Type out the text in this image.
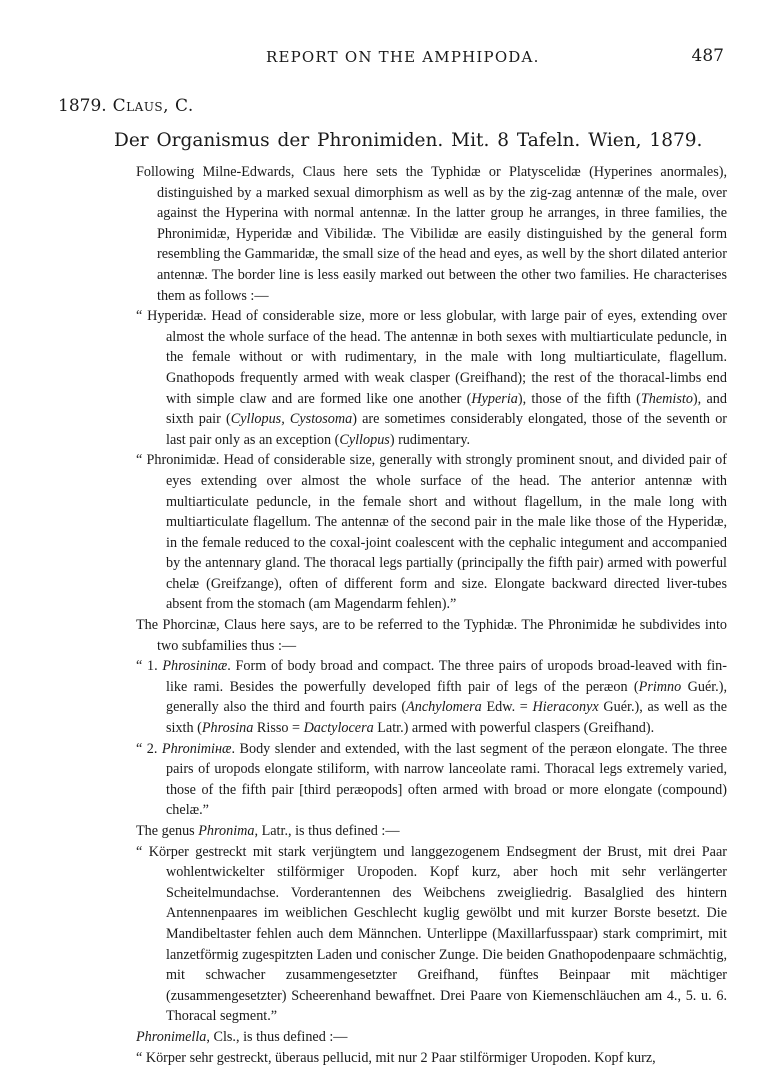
REPORT ON THE AMPHIPODA.	487
1879. Claus, C.
Der Organismus der Phronimiden. Mit. 8 Tafeln. Wien, 1879.

Following Milne-Edwards, Claus here sets the Typhidæ or Platyscelidæ (Hyperines anormales), distinguished by a marked sexual dimorphism as well as by the zig-zag antennæ of the male, over against the Hyperina with normal antennæ. In the latter group he arranges, in three families, the Phronimidæ, Hyperidæ and Vibilidæ. The Vibilidæ are easily distinguished by the general form resembling the Gammaridæ, the small size of the head and eyes, as well by the short dilated anterior antennæ. The border line is less easily marked out between the other two families. He characterises them as follows :—

“ Hyperidæ. Head of considerable size, more or less globular, with large pair of eyes, extending over almost the whole surface of the head. The antennæ in both sexes with multiarticulate peduncle, in the female without or with rudimentary, in the male with long multiarticulate, flagellum. Gnathopods frequently armed with weak clasper (Greifhand); the rest of the thoracal-limbs end with simple claw and are formed like one another (Hyperia), those of the fifth (Themisto), and sixth pair (Cyllopus, Cystosoma) are sometimes considerably elongated, those of the seventh or last pair only as an exception (Cyllopus) rudimentary.

“ Phronimidæ. Head of considerable size, generally with strongly prominent snout, and divided pair of eyes extending over almost the whole surface of the head. The anterior antennæ with multiarticulate peduncle, in the female short and without flagellum, in the male long with multiarticulate flagellum. The antennæ of the second pair in the male like those of the Hyperidæ, in the female reduced to the coxal-joint coalescent with the cephalic integument and accompanied by the antennary gland. The thoracal legs partially (principally the fifth pair) armed with powerful chelæ (Greifzange), often of different form and size. Elongate backward directed liver-tubes absent from the stomach (am Magendarm fehlen).”

The Phorcinæ, Claus here says, are to be referred to the Typhidæ. The Phronimidæ he subdivides into two subfamilies thus :—

“ 1. Phrosininæ. Form of body broad and compact. The three pairs of uropods broad-leaved with fin-like rami. Besides the powerfully developed fifth pair of legs of the peræon (Primno Guér.), generally also the third and fourth pairs (Anchylomera Edw. = Hieraconyx Guér.), as well as the sixth (Phrosina Risso = Dactylocera Latr.) armed with powerful claspers (Greifhand).

“ 2. Phronimінæ. Body slender and extended, with the last segment of the peræon elongate. The three pairs of uropods elongate stiliform, with narrow lanceolate rami. Thoracal legs extremely varied, those of the fifth pair [third peræopods] often armed with broad or more elongate (compound) chelæ.”

The genus Phronima, Latr., is thus defined :—

“ Körper gestreckt mit stark verjüngtem und langgezogenem Endsegment der Brust, mit drei Paar wohlentwickelter stilförmiger Uropoden. Kopf kurz, aber hoch mit sehr verlängerter Scheitelmundachse. Vorderantennen des Weibchens zweigliedrig. Basalglied des hintern Antennenpaares im weiblichen Geschlecht kuglig gewölbt und mit kurzer Borste besetzt. Die Mandibeltaster fehlen auch dem Männchen. Unterlippe (Maxillarfusspaar) stark comprimirt, mit lanzetförmig zugespitzten Laden und conischer Zunge. Die beiden Gnathopodenpaare schmächtig, mit schwacher zusammengesetzter Greifhand, fünftes Beinpaar mit mächtiger (zusammengesetzter) Scheerenhand bewaffnet. Drei Paare von Kiemenschläuchen am 4., 5. u. 6. Thoracal segment.”

Phronimella, Cls., is thus defined :—

“ Körper sehr gestreckt, überaus pellucid, mit nur 2 Paar stilförmiger Uropoden. Kopf kurz,
